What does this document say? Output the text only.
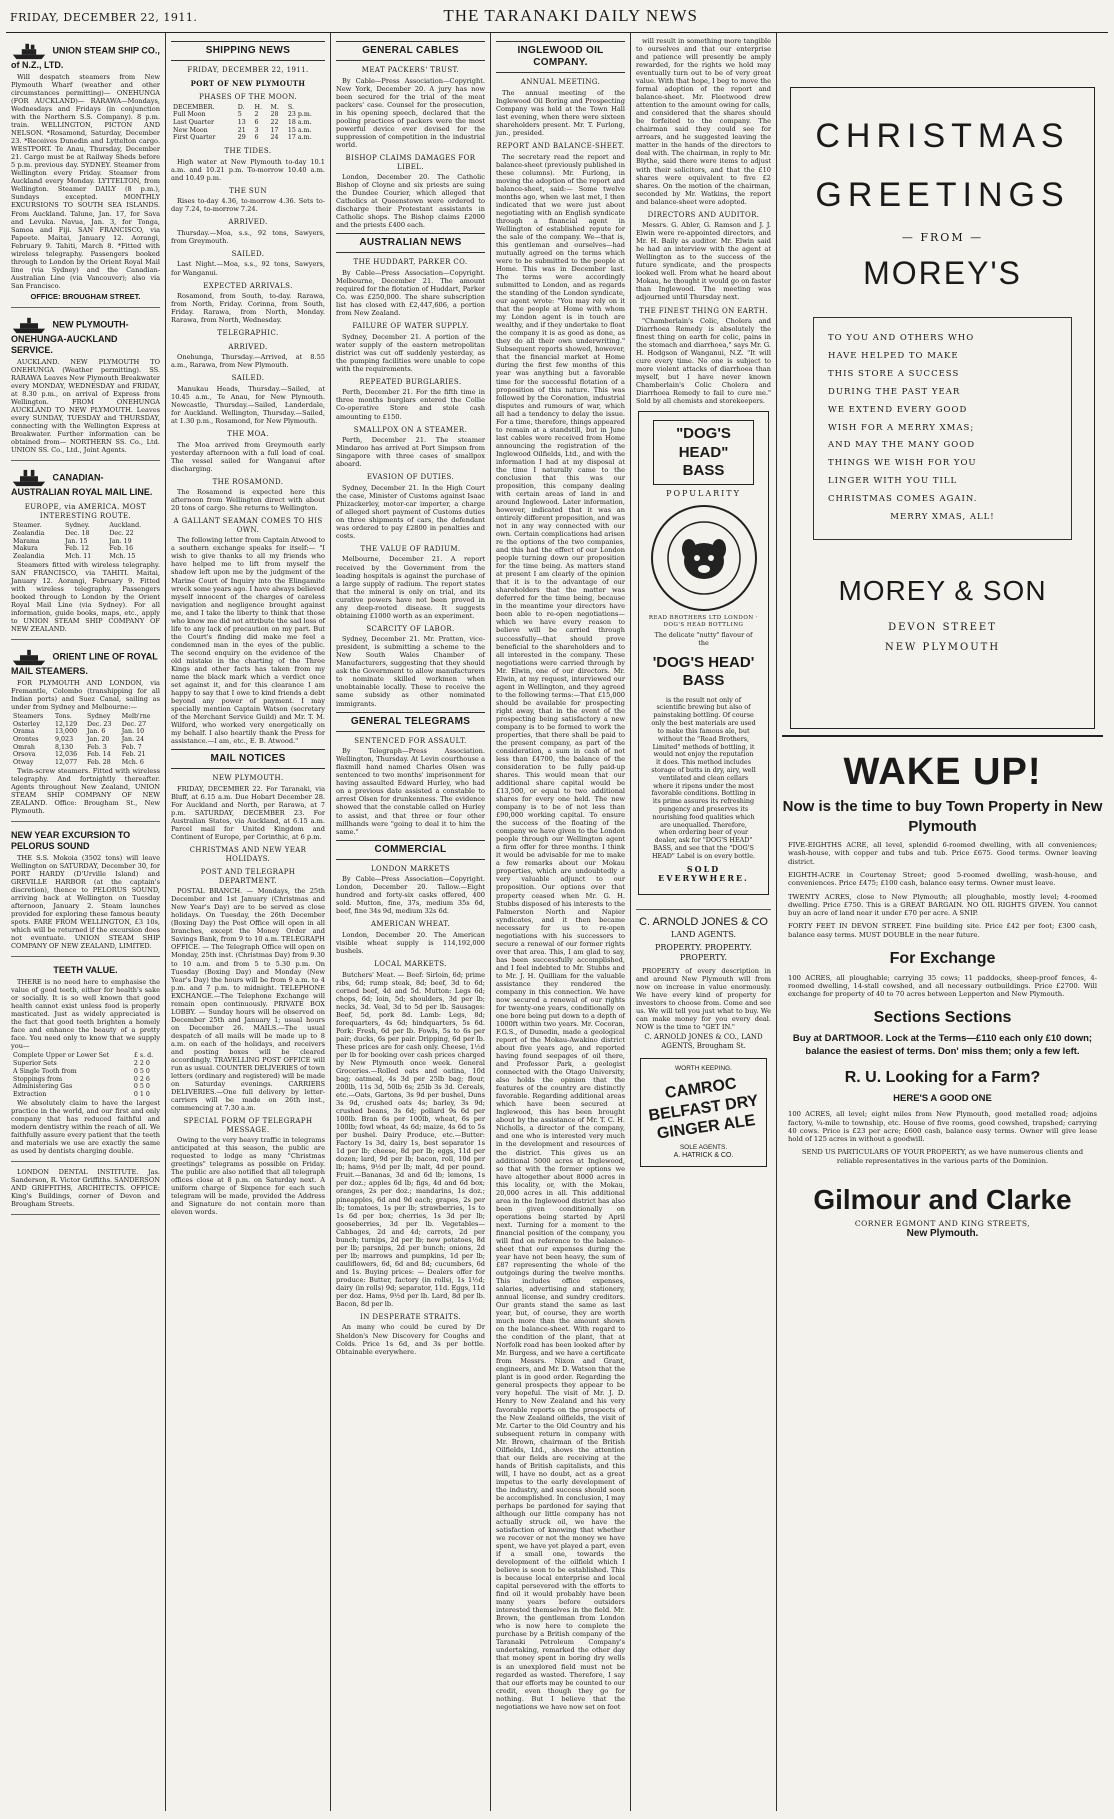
FRIDAY, DECEMBER 22, 1911.	THE TARANAKI DAILY NEWS
UNION STEAM SHIP CO., of N.Z., LTD.

Will despatch steamers from New Plymouth Wharf (weather and other circumstances permitting)— ONEHUNGA (FOR AUCKLAND)— RARAWA—Mondays, Wednesdays and Fridays (in conjunction with the Northern S.S. Company). 8 p.m. train. WELLINGTON, PICTON AND NELSON. *Rosamond, Saturday, December 23. *Receives Dunedin and Lyttelton cargo. WESTPORT. Te Anau, Thursday, December 21. Cargo must be at Railway Sheds before 5 p.m. previous day. SYDNEY. Steamer from Wellington every Friday. Steamer from Auckland every Monday. LYTTELTON, from Wellington. Steamer DAILY (8 p.m.), Sundays excepted. MONTHLY EXCURSIONS TO SOUTH SEA ISLANDS. From Auckland. Talune, Jan. 17, for Sava and Levuka. Navua, Jan. 3, for Tonga, Samoa and Fiji. SAN FRANCISCO, via Papeete. Maitai, January 12. Aorangi, February 9. Tahiti, March 8. *Fitted with wireless telegraphy. Passengers booked through to London by the Orient Royal Mail line (via Sydney) and the Canadian-Australian Line (via Vancouver); also via San Francisco.

OFFICE: BROUGHAM STREET.
NEW PLYMOUTH-ONEHUNGA-AUCKLAND SERVICE.

AUCKLAND. NEW PLYMOUTH TO ONEHUNGA (Weather permitting). SS. RARAWA Leaves New Plymouth Breakwater every MONDAY, WEDNESDAY and FRIDAY, at 8.30 p.m., on arrival of Express from Wellington. FROM ONEHUNGA AUCKLAND TO NEW PLYMOUTH. Leaves every SUNDAY, TUESDAY and THURSDAY, connecting with the Wellington Express at Breakwater. Further information can be obtained from— NORTHERN SS. Co., Ltd. UNION SS. Co., Ltd., Joint Agents.

CANADIAN-AUSTRALIAN ROYAL MAIL LINE.
EUROPE, via AMERICA. MOST INTERESTING ROUTE.
Steamer.	Sydney.	Auckland.
Zealandia	Dec. 18	Dec. 22
Marama	Jan. 15	Jan. 19
Makura	Feb. 12	Feb. 16
Zealandia	Mch. 11	Mch. 15

Steamers fitted with wireless telegraphy. SAN FRANCISCO, via TAHITI. Maitai, January 12. Aorangi, February 9. Fitted with wireless telegraphy. Passengers booked through to London by the Orient Royal Mail Line (via Sydney). For all information, guide books, maps, etc., apply to UNION STEAM SHIP COMPANY OF NEW ZEALAND.

ORIENT LINE OF ROYAL MAIL STEAMERS.

FOR PLYMOUTH AND LONDON, via Fremantle, Colombo (transhipping for all Indian ports) and Suez Canal, sailing as under from Sydney and Melbourne:—

Steamers	Tons.	Sydney	Melb'rne
Osterley	12,129	Dec. 23	Dec. 27
Orama	13,000	Jan. 6	Jan. 10
Orontes	9,023	Jan. 20	Jan. 24
Omrah	8,130	Feb. 3	Feb. 7
Orsova	12,036	Feb. 14	Feb. 21
Otway	12,077	Feb. 28	Mch. 6

Twin-screw steamers. Fitted with wireless telegraphy. And fortnightly thereafter. Agents throughout New Zealand, UNION STEAM SHIP COMPANY OF NEW ZEALAND. Office: Brougham St., New Plymouth.

NEW YEAR EXCURSION TO PELORUS SOUND

THE S.S. Mokoia (3502 tons) will leave Wellington on SATURDAY, December 30, for PORT HARDY (D'Urville Island) and GREVILLE HARBOR (at the captain's discretion), thence to PELORUS SOUND, arriving back at Wellington on Tuesday afternoon, January 2. Steam launches provided for exploring these famous beauty spots. FARE FROM WELLINGTON, £3 10s, which will be returned if the excursion does not eventuate. UNION STEAM SHIP COMPANY OF NEW ZEALAND, LIMITED.

TEETH VALUE.

THERE is no need here to emphasise the value of good teeth, either for health's sake or socially. It is so well known that good health cannot exist unless food is properly masticated. Just as widely appreciated is the fact that good teeth brighten a homely face and enhance the beauty of a pretty face. You need only to know that we supply you—

Complete Upper or Lower Set	£ s. d.
Superior Sets	2 2 0
A Single Tooth from	0 5 0
Stoppings from	0 2 6
Administering Gas	0 5 0
Extraction	0 1 0

We absolutely claim to have the largest practice in the world, and our first and only company that has reduced faithful and modern dentistry within the reach of all. We faithfully assure every patient that the teeth and materials we use are exactly the same as used by dentists charging double.

LONDON DENTAL INSTITUTE. Jas. Sanderson, R. Victor Griffiths. SANDERSON AND GRIFFITHS, ARCHITECTS. OFFICE: King's Buildings, corner of Devon and Brougham Streets.

SHIPPING NEWS
FRIDAY, DECEMBER 22, 1911.
PORT OF NEW PLYMOUTH
PHASES OF THE MOON.
DECEMBER.	D.	H.	M.	S.
Full Moon	5	2	28	23 p.m.
Last Quarter	13	6	22	18 a.m.
New Moon	21	3	17	15 a.m.
First Quarter	29	6	24	17 a.m.
THE TIDES.

High water at New Plymouth to-day 10.1 a.m. and 10.21 p.m. To-morrow 10.40 a.m. and 10.49 p.m.

THE SUN

Rises to-day 4.36, to-morrow 4.36. Sets to-day 7.24, to-morrow 7.24.

ARRIVED.

Thursday.—Moa, s.s., 92 tons, Sawyers, from Greymouth.

SAILED.

Last Night.—Moa, s.s., 92 tons, Sawyers, for Wanganui.

EXPECTED ARRIVALS.

Rosamond, from South, to-day. Rarawa, from North, Friday. Corinna, from South, Friday. Rarawa, from North, Monday. Rarawa, from North, Wednesday.

TELEGRAPHIC.
ARRIVED.

Onehunga, Thursday.—Arrived, at 8.55 a.m., Rarawa, from New Plymouth.

SAILED.

Manukau Heads, Thursday.—Sailed, at 10.45 a.m., Te Anau, for New Plymouth. Newcastle, Thursday.—Sailed, Landerdale, for Auckland. Wellington, Thursday.—Sailed, at 1.30 p.m., Rosamond, for New Plymouth.

THE MOA.

The Moa arrived from Greymouth early yesterday afternoon with a full load of coal. The vessel sailed for Wanganui after discharging.

THE ROSAMOND.

The Rosamond is expected here this afternoon from Wellington direct with about 20 tons of cargo. She returns to Wellington.

A GALLANT SEAMAN COMES TO HIS OWN.

The following letter from Captain Atwood to a southern exchange speaks for itself:— "I wish to give thanks to all my friends who have helped me to lift from myself the shadow left upon me by the judgment of the Marine Court of Inquiry into the Elingamite wreck some years ago. I have always believed myself innocent of the charges of careless navigation and negligence brought against me, and I take the liberty to think that those who know me did not attribute the sad loss of life to any lack of precaution on my part. But the Court's finding did make me feel a condemned man in the eyes of the public. The second enquiry on the evidence of the old mistake in the charting of the Three Kings and other facts has taken from my name the black mark which a verdict once set against it, and for this clearance I am happy to say that I owe to kind friends a debt beyond any power of payment. I may specially mention Captain Watson (secretary of the Merchant Service Guild) and Mr. T. M. Wilford, who worked very energetically on my behalf. I also heartily thank the Press for assistance.—I am, etc., E. B. Atwood."

MAIL NOTICES
NEW PLYMOUTH.

FRIDAY, DECEMBER 22. For Taranaki, via Bluff, at 6.15 a.m. Due Hobart December 28. For Auckland and North, per Rarawa, at 7 p.m. SATURDAY, DECEMBER 23. For Australian States, via Auckland, at 6.15 a.m. Parcel mail for United Kingdom and Continent of Europe, per Corinthic, at 6 p.m.

CHRISTMAS AND NEW YEAR HOLIDAYS.
POST AND TELEGRAPH DEPARTMENT.

POSTAL BRANCH. — Mondays, the 25th December and 1st January (Christmas and New Year's Day) are to be served as close holidays. On Tuesday, the 26th December (Boxing Day) the Post Office will open in all branches, except the Money Order and Savings Bank, from 9 to 10 a.m. TELEGRAPH OFFICE. — The Telegraph Office will open on Monday, 25th inst. (Christmas Day) from 9.30 to 10 a.m. and from 5 to 5.30 p.m. On Tuesday (Boxing Day) and Monday (New Year's Day) the hours will be from 9 a.m. to 4 p.m. and 7 p.m. to midnight. TELEPHONE EXCHANGE.—The Telephone Exchange will remain open continuously. PRIVATE BOX LOBBY. — Sunday hours will be observed on December 25th and January 1; usual hours on December 26. MAILS.—The usual despatch of all mails will be made up to 8 a.m. on each of the holidays, and receivers and posting boxes will be cleared accordingly. TRAVELLING POST OFFICE will run as usual. COUNTER DELIVERIES of town letters (ordinary and registered) will be made on Saturday evenings. CARRIERS DELIVERIES.—One full delivery by letter-carriers will be made on 26th inst., commencing at 7.30 a.m.

SPECIAL FORM OF TELEGRAPH MESSAGE.

Owing to the very heavy traffic in telegrams anticipated at this season, the public are requested to lodge as many "Christmas greetings" telegrams as possible on Friday. The public are also notified that all telegraph offices close at 8 p.m. on Saturday next. A uniform charge of Sixpence for each such telegram will be made, provided the Address and Signature do not contain more than eleven words.

GENERAL CABLES
MEAT PACKERS' TRUST.

By Cable—Press Association—Copyright. New York, December 20. A jury has now been secured for the trial of the meat packers' case. Counsel for the prosecution, in his opening speech, declared that the pooling practices of packers were the most powerful device ever devised for the suppression of competition in the industrial world.

BISHOP CLAIMS DAMAGES FOR LIBEL.

London, December 20. The Catholic Bishop of Cloyne and six priests are suing the Dundee Courier, which alleged that Catholics at Queenstown were ordered to discharge their Protestant assistants in Catholic shops. The Bishop claims £2000 and the priests £400 each.

AUSTRALIAN NEWS
THE HUDDART, PARKER CO.

By Cable—Press Association—Copyright. Melbourne, December 21. The amount required for the flotation of Huddart, Parker Co. was £250,000. The share subscription list has closed with £2,447,606, a portion from New Zealand.

FAILURE OF WATER SUPPLY.

Sydney, December 21. A portion of the water supply of the eastern metropolitan district was cut off suddenly yesterday, as the pumping facilities were unable to cope with the requirements.

REPEATED BURGLARIES.

Perth, December 21. For the fifth time in three months burglars entered the Collie Co-operative Store and stole cash amounting to £150.

SMALLPOX ON A STEAMER.

Perth, December 21. The steamer Mindaroo has arrived at Port Simpson from Singapore with three cases of smallpox aboard.

EVASION OF DUTIES.

Sydney, December 21. In the High Court the case, Minister of Customs against Isaac Phizackerley, motor-car importer, a charge of alleged short payment of Customs duties on three shipments of cars, the defendant was ordered to pay £2800 in penalties and costs.

THE VALUE OF RADIUM.

Melbourne, December 21. A report received by the Government from the leading hospitals is against the purchase of a large supply of radium. The report states that the mineral is only on trial, and its curative powers have not been proved in any deep-rooted disease. It suggests obtaining £1000 worth as an experiment.

SCARCITY OF LABOR.

Sydney, December 21. Mr. Pratten, vice-president, is submitting a scheme to the New South Wales Chamber of Manufacturers, suggesting that they should ask the Government to allow manufacturers to nominate skilled workmen when unobtainable locally. These to receive the same subsidy as other nominated immigrants.

GENERAL TELEGRAMS
SENTENCED FOR ASSAULT.

By Telegraph—Press Association. Wellington, Thursday. At Levin courthouse a flaxmill hand named Charles Olsen was sentenced to two months' imprisonment for having assaulted Edward Hurley, who had on a previous date assisted a constable to arrest Olsen for drunkenness. The evidence showed that the constable called on Hurley to assist, and that three or four other millhands were "going to deal it to him the same."

COMMERCIAL
LONDON MARKETS

By Cable—Press Association—Copyright. London, December 20. Tallow.—Eight hundred and forty-six casks offered, 400 sold. Mutton, fine, 37s, medium 35s 6d, beef, fine 34s 9d, medium 32s 6d.

AMERICAN WHEAT.

London, December 20. The American visible wheat supply is 114,192,000 bushels.

LOCAL MARKETS.

Butchers' Meat. — Beef: Sirloin, 6d; prime ribs, 6d; rump steak, 8d; beef, 3d to 6d; corned beef, 4d and 5d. Mutton: Legs 6d; chops, 6d; loin, 5d; shoulders, 3d per lb; necks, 3d. Veal, 3d to 5d per lb. Sausages: Beef, 5d, pork 8d. Lamb: Legs, 8d; forequarters, 4s 6d; hindquarters, 5s 6d. Pork: Fresh, 6d per lb. Fowls, 5s to 6s per pair; ducks, 6s per pair. Dripping, 6d per lb. These prices are for cash only. Cheese, 1½d per lb for booking over cash prices charged by New Plymouth once week. General Groceries.—Rolled oats and oatina, 10d bag; oatmeal, 4s 3d per 25lb bag; flour, 200lb, 11s 3d, 50lb 6s; 25lb 3s 3d. Cereals, etc.—Oats, Gartons, 3s 9d per bushel, Duns 3s 9d, crushed oats 4s; barley, 3s 9d; crushed beans, 3s 6d; pollard 9s 6d per 100lb. Bran 6s per 100lb, wheat, 6s per 100lb; fowl wheat, 4s 6d; maize, 4s 6d to 5s per bushel. Dairy Produce, etc.—Butter: Factory 1s 3d, dairy 1s, best separator 1s 1d per lb; cheese, 8d per lb; eggs, 11d per dozen; lard, 9d per lb; bacon, roll, 10d per lb; hams, 9½d per lb; malt, 4d per pound. Fruit.—Bananas, 3d and 6d lb; lemons, 1s per doz.; apples 6d lb; figs, 4d and 6d box; oranges, 2s per doz.; mandarins, 1s doz.; pineapples, 6d and 9d each; grapes, 2s per lb; tomatoes, 1s per lb; strawberries, 1s to 1s 6d per box; cherries, 1s 3d per lb; gooseberries, 3d per lb. Vegetables—Cabbages, 2d and 4d; carrots, 2d per bunch; turnips, 2d per lb; new potatoes, 8d per lb; parsnips, 2d per bunch; onions, 2d per lb; marrows and pumpkins, 1d per lb; cauliflowers, 6d, 6d and 8d; cucumbers, 6d and 1s. Buying prices: — Dealers offer for produce: Butter, factory (in rolls), 1s 1½d; dairy (in rolls) 9d; separator, 11d. Eggs, 11d per doz. Hams, 9½d per lb. Lard, 8d per lb. Bacon, 8d per lb.

IN DESPERATE STRAITS.

An many who could be cured by Dr Sheldon's New Discovery for Coughs and Colds. Price 1s 6d, and 3s per bottle. Obtainable everywhere.

INGLEWOOD OIL COMPANY.
ANNUAL MEETING.

The annual meeting of the Inglewood Oil Boring and Prospecting Company was held at the Town Hall last evening, when there were sixteen shareholders present. Mr. T. Furlong, jun., presided.

REPORT AND BALANCE-SHEET.

The secretary read the report and balance-sheet (previously published in these columns). Mr. Furlong, in moving the adoption of the report and balance-sheet, said:— Some twelve months ago, when we last met, I then indicated that we were just about negotiating with an English syndicate through a financial agent in Wellington of established repute for the sale of the company. We—that is, this gentleman and ourselves—had mutually agreed on the terms which were to be submitted to the people at Home. This was in December last. The terms were accordingly submitted to London, and as regards the standing of the London syndicate, our agent wrote: "You may rely on it that the people at Home with whom my London agent is in touch are wealthy, and if they undertake to float the company it is as good as done, as they do all their own underwriting." Subsequent reports showed, however, that the financial market at Home during the first few months of this year was anything but a favorable time for the successful flotation of a proposition of this nature. This was followed by the Coronation, industrial disputes and rumours of war, which all had a tendency to delay the issue. For a time, therefore, things appeared to remain at a standstill, but in June last cables were received from Home announcing the registration of the Inglewood Oilfields, Ltd., and with the information I had at my disposal at the time I naturally came to the conclusion that this was our proposition, this company dealing with certain areas of land in and around Inglewood. Later information, however, indicated that it was an entirely different proposition, and was not in any way connected with our own. Certain complications had arisen re the options of the two companies, and this had the effect of our London people turning down our proposition for the time being. As matters stand at present I am clearly of the opinion that it is to the advantage of our shareholders that the matter was deferred for the time being, because in the meantime your directors have been able to re-open negotiations—which we have every reason to believe will be carried through successfully—that should prove beneficial to the shareholders and to all interested in the company. These negotiations were carried through by Mr. Elwin, one of our directors. Mr. Elwin, at my request, interviewed our agent in Wellington, and they agreed to the following terms:—That £15,000 should be available for prospecting right away, that in the event of the prospecting being satisfactory a new company is to be formed to work the properties, that there shall be paid to the present company, as part of the consideration, a sum in cash of not less than £4700, the balance of the consideration to be fully paid-up shares. This would mean that our additional share capital would be £13,500, or equal to two additional shares for every one held. The new company is to be of not less than £90,000 working capital. To ensure the success of the floating of the company we have given to the London people through our Wellington agent a firm offer for three months. I think it would be advisable for me to make a few remarks about our Mokau properties, which are undoubtedly a very valuable adjunct to our proposition. Our options over that property ceased when Mr. G. H. Stubbs disposed of his interests to the Palmerston North and Napier syndicates, and it then became necessary for us to re-open negotiations with his successors to secure a renewal of our former rights over that area. This, I am glad to say, has been successfully accomplished, and I feel indebted to Mr. Stubbs and to Mr. J. H. Quilliam for the valuable assistance they rendered the company in this connection. We have now secured a renewal of our rights for twenty-one years, conditionally on one bore being put down to a depth of 1000ft within two years. Mr. Cocoran, F.G.S., of Dunedin, made a geological report of the Mokau-Awakino district about five years ago, and reported having found seepages of oil there, and Professor Park, a geologist connected with the Otago University, also holds the opinion that the features of the country are distinctly favorable. Regarding additional areas which have been secured at Inglewood, this has been brought about by the assistance of Mr. T. C. H. Nicholls, a director of the company, and one who is interested very much in the development and resources of the district. This gives us an additional 5000 acres at Inglewood, so that with the former options we have altogether about 8000 acres in this locality, or, with the Mokau, 20,000 acres in all. This additional area in the Inglewood district has also been given conditionally on operations being started by April next. Turning for a moment to the financial position of the company, you will find on reference to the balance-sheet that our expenses during the year have not been heavy, the sum of £87 representing the whole of the outgoings during the twelve months. This includes office expenses, salaries, advertising and stationery, annual license, and sundry creditors. Our grants stand the same as last year, but, of course, they are worth much more than the amount shown on the balance-sheet. With regard to the condition of the plant, that at Norfolk road has been looked after by Mr. Burgess, and we have a certificate from Messrs. Nixon and Grant, engineers, and Mr. D. Watson that the plant is in good order. Regarding the general prospects they appear to be very hopeful. The visit of Mr. J. D. Henry to New Zealand and his very favorable reports on the prospects of the New Zealand oilfields, the visit of Mr. Carter to the Old Country and his subsequent return in company with Mr. Brown, chairman of the British Oilfields, Ltd., shows the attention that our fields are receiving at the hands of British capitalists, and this will, I have no doubt, act as a great impetus to the early development of the industry, and success should soon be accomplished. In conclusion, I may perhaps be pardoned for saying that although our little company has not actually struck oil, we have the satisfaction of knowing that whether we recover or not the money we have spent, we have yet played a part, even if a small one, towards the development of the oilfield which I believe is soon to be established. This is because local enterprise and local capital persevered with the efforts to find oil it would probably have been many years before outsiders interested themselves in the field. Mr. Brown, the gentleman from London who is now here to complete the purchase by a British company of the Taranaki Petroleum Company's undertaking, remarked the other day that money spent in boring dry wells is an unexplored field must not be regarded as wasted. Therefore, I say that our efforts may be counted to our credit, even though they go for nothing. But I believe that the negotiations we have now set on foot

will result in something more tangible to ourselves and that our enterprise and patience will presently be amply rewarded, for the rights we hold may eventually turn out to be of very great value. With that hope, I beg to move the formal adoption of the report and balance-sheet. Mr. Fleetwood drew attention to the amount owing for calls, and considered that the shares should be forfeited to the company. The chairman said they could see for arrears, and he suggested leaving the matter in the hands of the directors to deal with. The chairman, in reply to Mr. Blythe, said there were items to adjust with their solicitors, and that the £10 shares were equivalent to five £2 shares. On the motion of the chairman, seconded by Mr. Watkins, the report and balance-sheet were adopted.

DIRECTORS AND AUDITOR.

Messrs. G. Abler, G. Ramson and J. J. Elwin were re-appointed directors, and Mr. H. Baily as auditor. Mr. Elwin said he had an interview with the agent at Wellington as to the success of the future syndicate, and the prospects looked well. From what he heard about Mokau, he thought it would go on faster than Inglewood. The meeting was adjourned until Thursday next.

THE FINEST THING ON EARTH.

"Chamberlain's Colic, Cholera and Diarrhoea Remedy is absolutely the finest thing on earth for colic, pains in the stomach and diarrhoea," says Mr. G. H. Hodgson of Wanganui, N.Z. "It will cure every time. No one is subject to more violent attacks of diarrhoea than myself, but I have never known Chamberlain's Colic Cholera and Diarrhoea Remedy to fail to cure me." Sold by all chemists and storekeepers.

"DOG'S HEAD" BASS
POPULARITY
READ BROTHERS LTD LONDON · DOG'S HEAD BOTTLING

The delicate "nutty" flavour of the

'DOG'S HEAD' BASS

is the result not only of scientific brewing but also of painstaking bottling. Of course only the best materials are used to make this famous ale, but without the "Read Brothers, Limited" methods of bottling, it would not enjoy the reputation it does. This method includes storage of butts in dry, airy, well ventilated and clean cellars where it ripens under the most favorable conditions. Bottling in its prime assures its refreshing pungency and preserves its nourishing food qualities which are unequalled. Therefore, when ordering beer of your dealer, ask for "DOG'S HEAD" BASS, and see that the "DOG'S HEAD" Label is on every bottle.

SOLD EVERYWHERE.
C. ARNOLD JONES & CO
LAND AGENTS.
PROPERTY. PROPERTY. PROPERTY.

PROPERTY of every description in and around New Plymouth will from now on increase in value enormously. We have every kind of property for investors to choose from. Come and see us. We will tell you just what to buy. We can make money for you every deal. NOW is the time to "GET IN."

C. ARNOLD JONES & CO., LAND AGENTS, Brougham St.
WORTH KEEPING.
CAMROC BELFAST DRY GINGER ALE
SOLE AGENTS.
A. HATRICK & CO.
CHRISTMAS
GREETINGS
— FROM —
MOREY'S
TO YOU AND OTHERS WHO
HAVE HELPED TO MAKE
THIS STORE A SUCCESS
DURING THE PAST YEAR
WE EXTEND EVERY GOOD
WISH FOR A MERRY XMAS;
AND MAY THE MANY GOOD
THINGS WE WISH FOR YOU
LINGER WITH YOU TILL
CHRISTMAS COMES AGAIN.
MERRY XMAS, ALL!
MOREY & SON
DEVON STREET
NEW PLYMOUTH
WAKE UP!
Now is the time to buy Town Property in New Plymouth

FIVE-EIGHTHS ACRE, all level, splendid 6-roomed dwelling, with all conveniences; wash-house, with copper and tubs and tub. Price £675. Good terms. Owner leaving district.

EIGHTH-ACRE in Courtenay Street; good 5-roomed dwelling, wash-house, and conveniences. Price £475; £100 cash, balance easy terms. Owner must leave.

TWENTY ACRES, close to New Plymouth; all ploughable, mostly level; 4-roomed dwelling. Price £750. This is a GREAT BARGAIN. NO OIL RIGHTS GIVEN. You cannot buy an acre of land near it under £70 per acre. A SNIP.

FORTY FEET IN DEVON STREET. Fine building site. Price £42 per foot; £300 cash, balance easy terms. MUST DOUBLE in the near future.

For Exchange

100 ACRES, all ploughable; carrying 35 cows; 11 paddocks, sheep-proof fences, 4-roomed dwelling, 14-stall cowshed, and all necessary outbuildings. Price £2700. Will exchange for property of 40 to 70 acres between Lepperton and New Plymouth.

Sections Sections
Buy at DARTMOOR. Lock at the Terms—£110 each only £10 down; balance the easiest of terms. Don' miss them; only a few left.
R. U. Looking for a Farm?
HERE'S A GOOD ONE

100 ACRES, all level; eight miles from New Plymouth, good metalled road; adjoins factory, ¼-mile to township, etc. House of five rooms, good cowshed, trapshed; carrying 40 cows. Price is £23 per acre; £600 cash, balance easy terms. Owner will give lease hold of 125 acres in without a goodwill.

SEND US PARTICULARS OF YOUR PROPERTY, as we have numerous clients and reliable representatives in the various parts of the Dominion.

Gilmour and Clarke
CORNER EGMONT AND KING STREETS,
New Plymouth.
